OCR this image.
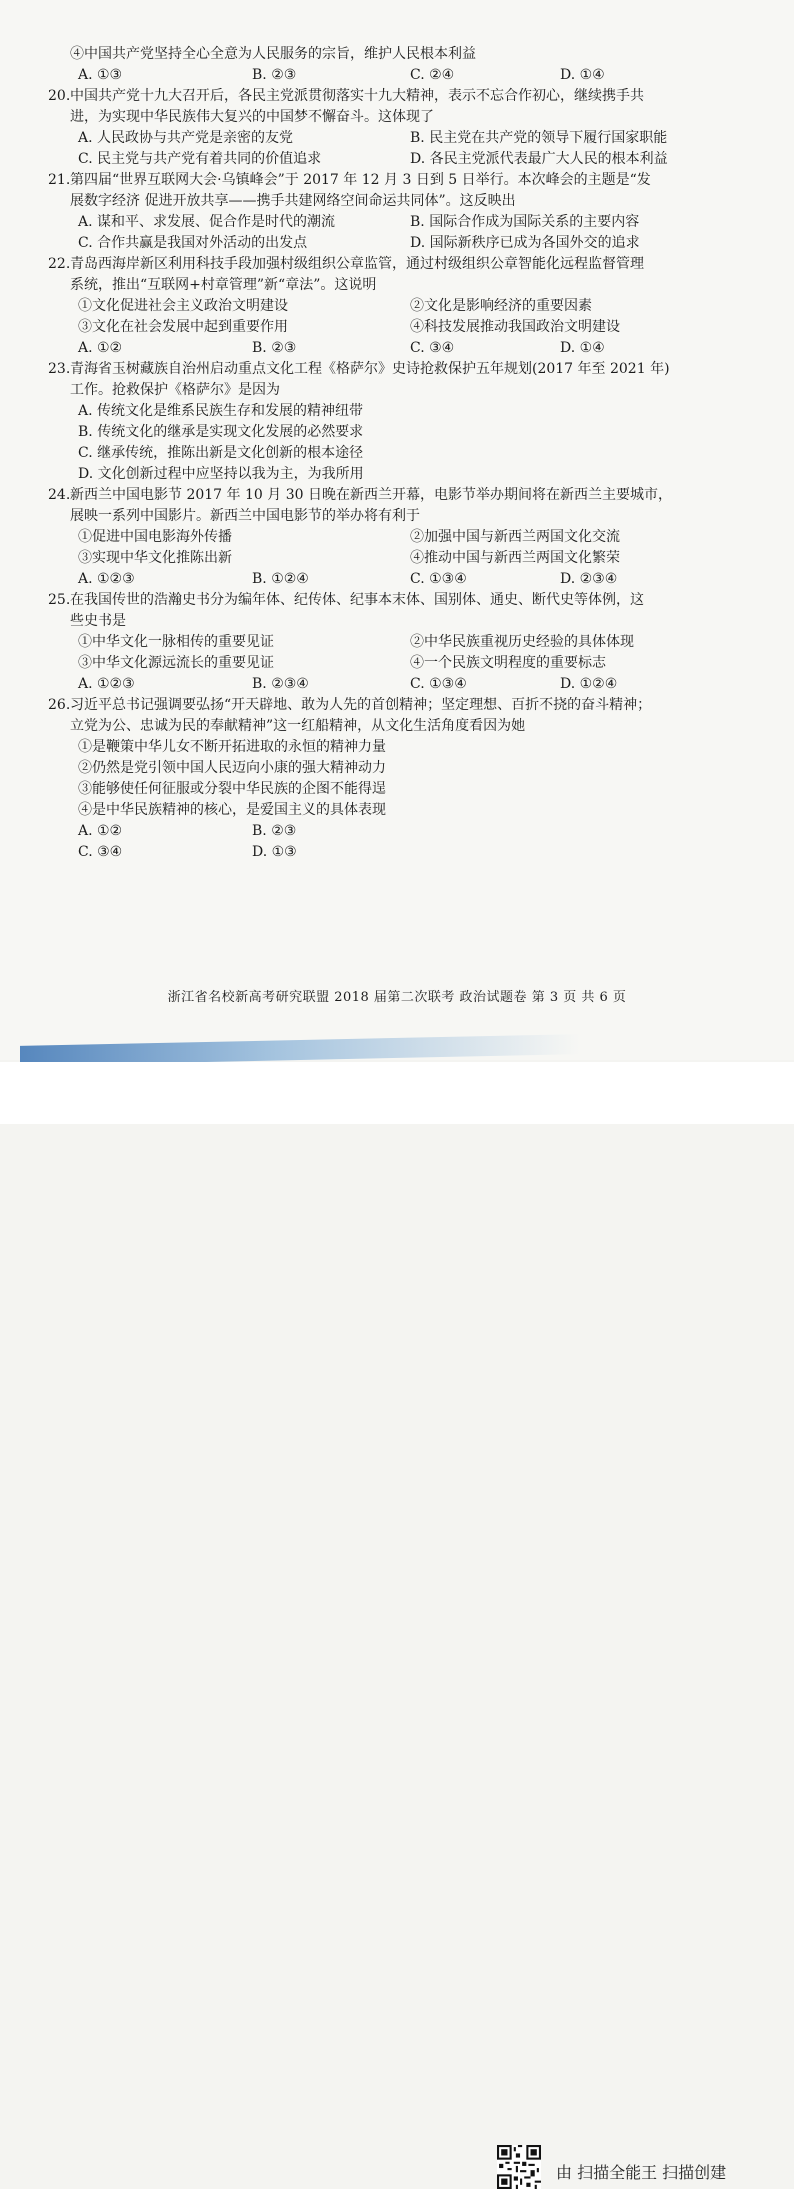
④中国共产党坚持全心全意为人民服务的宗旨，维护人民根本利益
A. ①③	B. ②③	C. ②④	D. ①④
20. 中国共产党十九大召开后，各民主党派贯彻落实十九大精神，表示不忘合作初心，继续携手共
进，为实现中华民族伟大复兴的中国梦不懈奋斗。这体现了
A. 人民政协与共产党是亲密的友党	B. 民主党在共产党的领导下履行国家职能
C. 民主党与共产党有着共同的价值追求	D. 各民主党派代表最广大人民的根本利益
21. 第四届“世界互联网大会·乌镇峰会”于 2017 年 12 月 3 日到 5 日举行。本次峰会的主题是“发
展数字经济 促进开放共享——携手共建网络空间命运共同体”。这反映出
A. 谋和平、求发展、促合作是时代的潮流	B. 国际合作成为国际关系的主要内容
C. 合作共赢是我国对外活动的出发点	D. 国际新秩序已成为各国外交的追求
22. 青岛西海岸新区利用科技手段加强村级组织公章监管，通过村级组织公章智能化远程监督管理
系统，推出“互联网+村章管理”新“章法”。这说明
①文化促进社会主义政治文明建设	②文化是影响经济的重要因素
③文化在社会发展中起到重要作用	④科技发展推动我国政治文明建设
A. ①②	B. ②③	C. ③④	D. ①④
23. 青海省玉树藏族自治州启动重点文化工程《格萨尔》史诗抢救保护五年规划(2017 年至 2021 年)
工作。抢救保护《格萨尔》是因为
A. 传统文化是维系民族生存和发展的精神纽带
B. 传统文化的继承是实现文化发展的必然要求
C. 继承传统，推陈出新是文化创新的根本途径
D. 文化创新过程中应坚持以我为主，为我所用
24. 新西兰中国电影节 2017 年 10 月 30 日晚在新西兰开幕，电影节举办期间将在新西兰主要城市，
展映一系列中国影片。新西兰中国电影节的举办将有利于
①促进中国电影海外传播	②加强中国与新西兰两国文化交流
③实现中华文化推陈出新	④推动中国与新西兰两国文化繁荣
A. ①②③	B. ①②④	C. ①③④	D. ②③④
25. 在我国传世的浩瀚史书分为编年体、纪传体、纪事本末体、国别体、通史、断代史等体例，这
些史书是
①中华文化一脉相传的重要见证	②中华民族重视历史经验的具体体现
③中华文化源远流长的重要见证	④一个民族文明程度的重要标志
A. ①②③	B. ②③④	C. ①③④	D. ①②④
26. 习近平总书记强调要弘扬“开天辟地、敢为人先的首创精神；坚定理想、百折不挠的奋斗精神；
立党为公、忠诚为民的奉献精神”这一红船精神，从文化生活角度看因为她
①是鞭策中华儿女不断开拓进取的永恒的精神力量
②仍然是党引领中国人民迈向小康的强大精神动力
③能够使任何征服或分裂中华民族的企图不能得逞
④是中华民族精神的核心，是爱国主义的具体表现
A. ①②	B. ②③
C. ③④	D. ①③
浙江省名校新高考研究联盟 2018 届第二次联考 政治试题卷 第 3 页 共 6 页
由 扫描全能王 扫描创建
